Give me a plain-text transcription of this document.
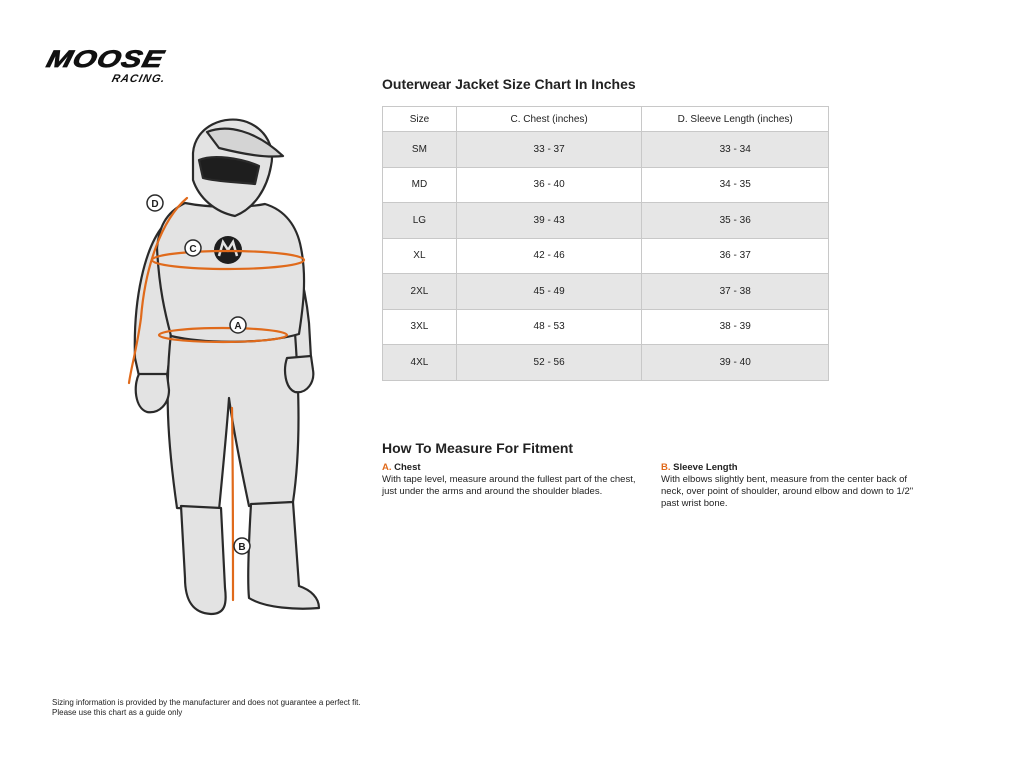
MOOSE
RACING.
D
C
A
B
Outerwear Jacket Size Chart In Inches
Size	C. Chest (inches)	D. Sleeve Length (inches)
SM	33 - 37	33 - 34
MD	36 - 40	34 - 35
LG	39 - 43	35 - 36
XL	42 - 46	36 - 37
2XL	45 - 49	37 - 38
3XL	48 - 53	38 - 39
4XL	52 - 56	39 - 40
How To Measure For Fitment
A. Chest
With tape level, measure around the fullest part of the chest, just under the arms and around the shoulder blades.
B. Sleeve Length
With elbows slightly bent, measure from the center back of neck, over point of shoulder, around elbow and down to 1/2" past wrist bone.
Sizing information is provided by the manufacturer and does not guarantee a perfect fit.
Please use this chart as a guide only
